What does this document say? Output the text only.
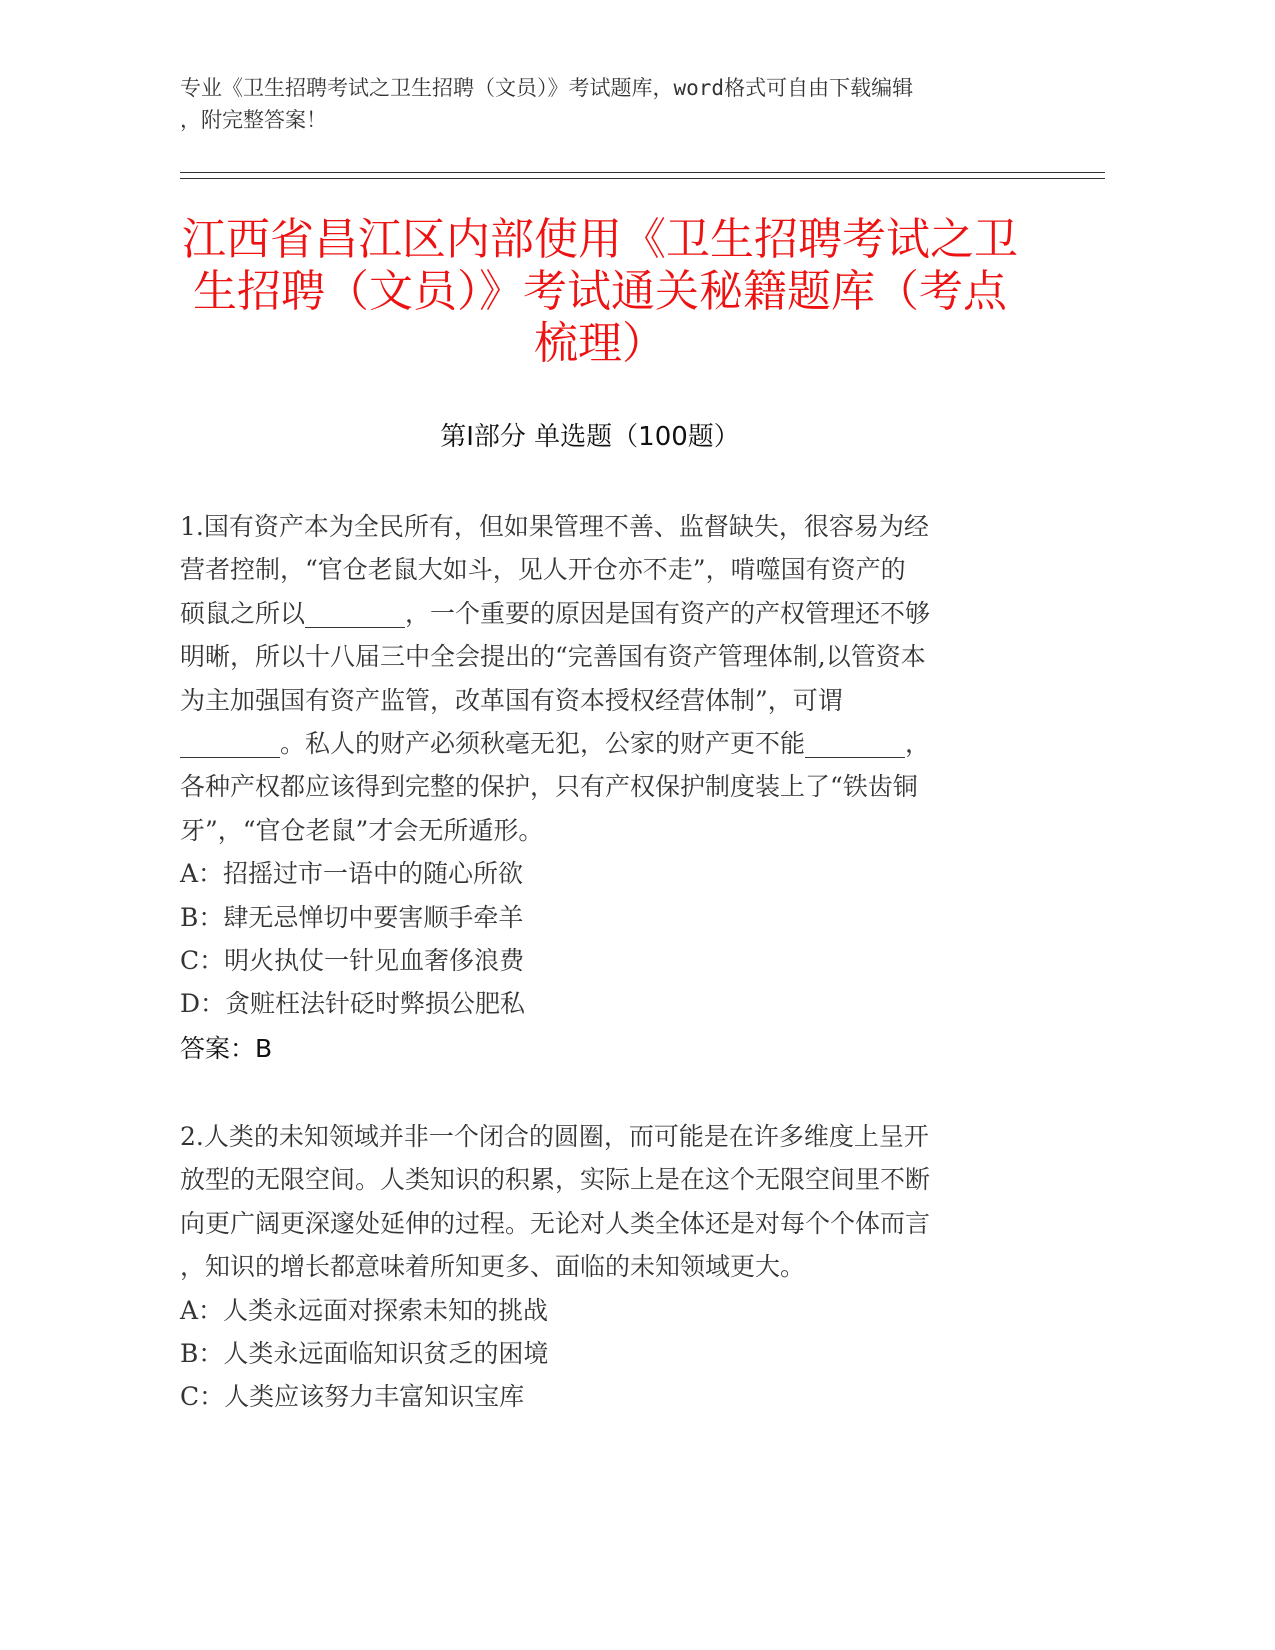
专业《卫生招聘考试之卫生招聘（文员）》考试题库，word格式可自由下载编辑
，附完整答案！
江西省昌江区内部使用《卫生招聘考试之卫
生招聘（文员）》考试通关秘籍题库（考点
梳理）
第Ⅰ部分 单选题（100题）
1.国有资产本为全民所有，但如果管理不善、监督缺失，很容易为经
营者控制，“官仓老鼠大如斗，见人开仓亦不走”，啃噬国有资产的
硕鼠之所以________，一个重要的原因是国有资产的产权管理还不够
明晰，所以十八届三中全会提出的“完善国有资产管理体制,以管资本
为主加强国有资产监管，改革国有资本授权经营体制”，可谓
________。私人的财产必须秋毫无犯，公家的财产更不能________，
各种产权都应该得到完整的保护，只有产权保护制度装上了“铁齿铜
牙”，“官仓老鼠”才会无所遁形。
A：招摇过市一语中的随心所欲
B：肆无忌惮切中要害顺手牵羊
C：明火执仗一针见血奢侈浪费
D：贪赃枉法针砭时弊损公肥私
答案：B
2.人类的未知领域并非一个闭合的圆圈，而可能是在许多维度上呈开
放型的无限空间。人类知识的积累，实际上是在这个无限空间里不断
向更广阔更深邃处延伸的过程。无论对人类全体还是对每个个体而言
，知识的增长都意味着所知更多、面临的未知领域更大。
A：人类永远面对探索未知的挑战
B：人类永远面临知识贫乏的困境
C：人类应该努力丰富知识宝库
